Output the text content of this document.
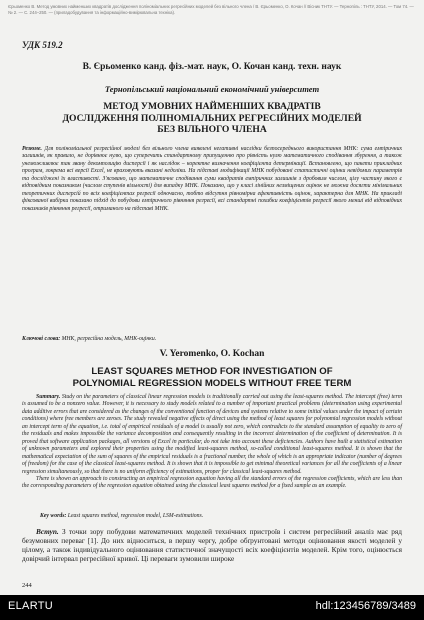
Єрьоменко В. Метод умовних найменших квадратів дослідження поліноміальних регресійних моделей без вільного члена / В. Єрьоменко, О. Кочан // Вісник ТНТУ. — Тернопіль : ТНТУ, 2014. — Том 74. — № 2. — С. 244–250. — (приладобудування та інформаційно-вимірювальна техніка).
УДК 519.2
В. Єрьоменко канд. фіз.-мат. наук, О. Кочан канд. техн. наук
Тернопільський національний економічний університет
МЕТОД УМОВНИХ НАЙМЕНШИХ КВАДРАТІВ
ДОСЛІДЖЕННЯ ПОЛІНОМІАЛЬНИХ РЕГРЕСІЙНИХ МОДЕЛЕЙ
БЕЗ ВІЛЬНОГО ЧЛЕНА
Резюме. Для поліноміальної регресійної моделі без вільного члена виявлені негативні наслідки безпосереднього використання МНК: сума емпіричних залишків, як правило, не дорівнює нулю, що суперечить стандартному припущенню про рівність нулю математичного сподівання збурення, а також унеможливлює так звану декомпозицію дисперсії і як наслідок – коректне визначення коефіцієнта детермінації. Встановлено, що пакети прикладних програм, зокрема всі версії Excel, не враховують вказані недоліки. На підставі модифікації МНК побудовані статистичні оцінки невідомих параметрів та досліджені їх властивості. З'ясовано, що математичне сподівання суми квадратів емпіричних залишків з дробовим числом, цілу частину якого є відповідним показником (числом ступенів вільності) для випадку МНК. Показано, що у класі лінійних незміщених оцінок не можна досягти мінімальних теоретичних дисперсій по всіх коефіцієнтах регресії одночасно, тобто відсутня рівномірна ефективність оцінок, характерна для МНК. На прикладі фіксованої вибірки показано підхід до побудови емпіричного рівняння регресії, всі стандартні похибки коефіцієнтів регресії якого менші від відповідних показників рівняння регресії, отриманого на підставі МНК.
Ключові слова: МНК, регресійна модель, МНК-оцінки.
V. Yeromenko, O. Kochan
LEAST SQUARES METHOD FOR INVESTIGATION OF
POLYNOMIAL REGRESSION MODELS WITHOUT FREE TERM
Summary. Study on the parameters of classical linear regression models is traditionally carried out using the least-squares method. The intercept (free) term is assumed to be a nonzero value. However, it is necessary to study models related to a number of important practical problems (determination using experimental data additive errors that are considered as the changes of the conventional function of devices and systems relative to some initial values under the impact of certain conditions) where free members are zeroes. The study revealed negative effects of direct using the method of least squares for polynomial regression models without an intercept term of the equation, i.e. total of empirical residuals of a model is usually not zero, which contradicts to the standard assumption of equality to zero of the residuals and makes impossible the variance decomposition and consequently resulting in the incorrect determination of the coefficient of determination. It is proved that software application packages, all versions of Excel in particular, do not take into account these deficiencies. Authors have built a statistical estimation of unknown parameters and explored their properties using the modified least-squares method, so-called conditional least-squares method. It is shown that the mathematical expectation of the sum of squares of the empirical residuals is a fractional number, the whole of which is an appropriate indicator (number of degrees of freedom) for the case of the classical least-squares method. It is shown that it is impossible to get minimal theoretical variances for all the coefficients of a linear regression simultaneously, so that there is no uniform efficiency of estimations, proper for classical least-squares method.
There is shown an approach to constructing an empirical regression equation having all the standard errors of the regression coefficients, which are less than the corresponding parameters of the regression equation obtained using the classical least squares method for a fixed sample as an example.
Key words: Least squares method, regression model, LSM-estimations.
Вступ. З точки зору побудови математичних моделей технічних пристроїв і систем регресійний аналіз має ряд безумовних переваг [1]. До них відноситься, в першу чергу, добре обґрунтовані методи оцінювання якості моделей у цілому, а також індивідуального оцінювання статистичної значущості всіх коефіцієнтів моделей. Крім того, оцінюється довірчий інтервал регресійної кривої. Ці переваги зумовили широке
244
ELARTU	hdl:123456789/3489
